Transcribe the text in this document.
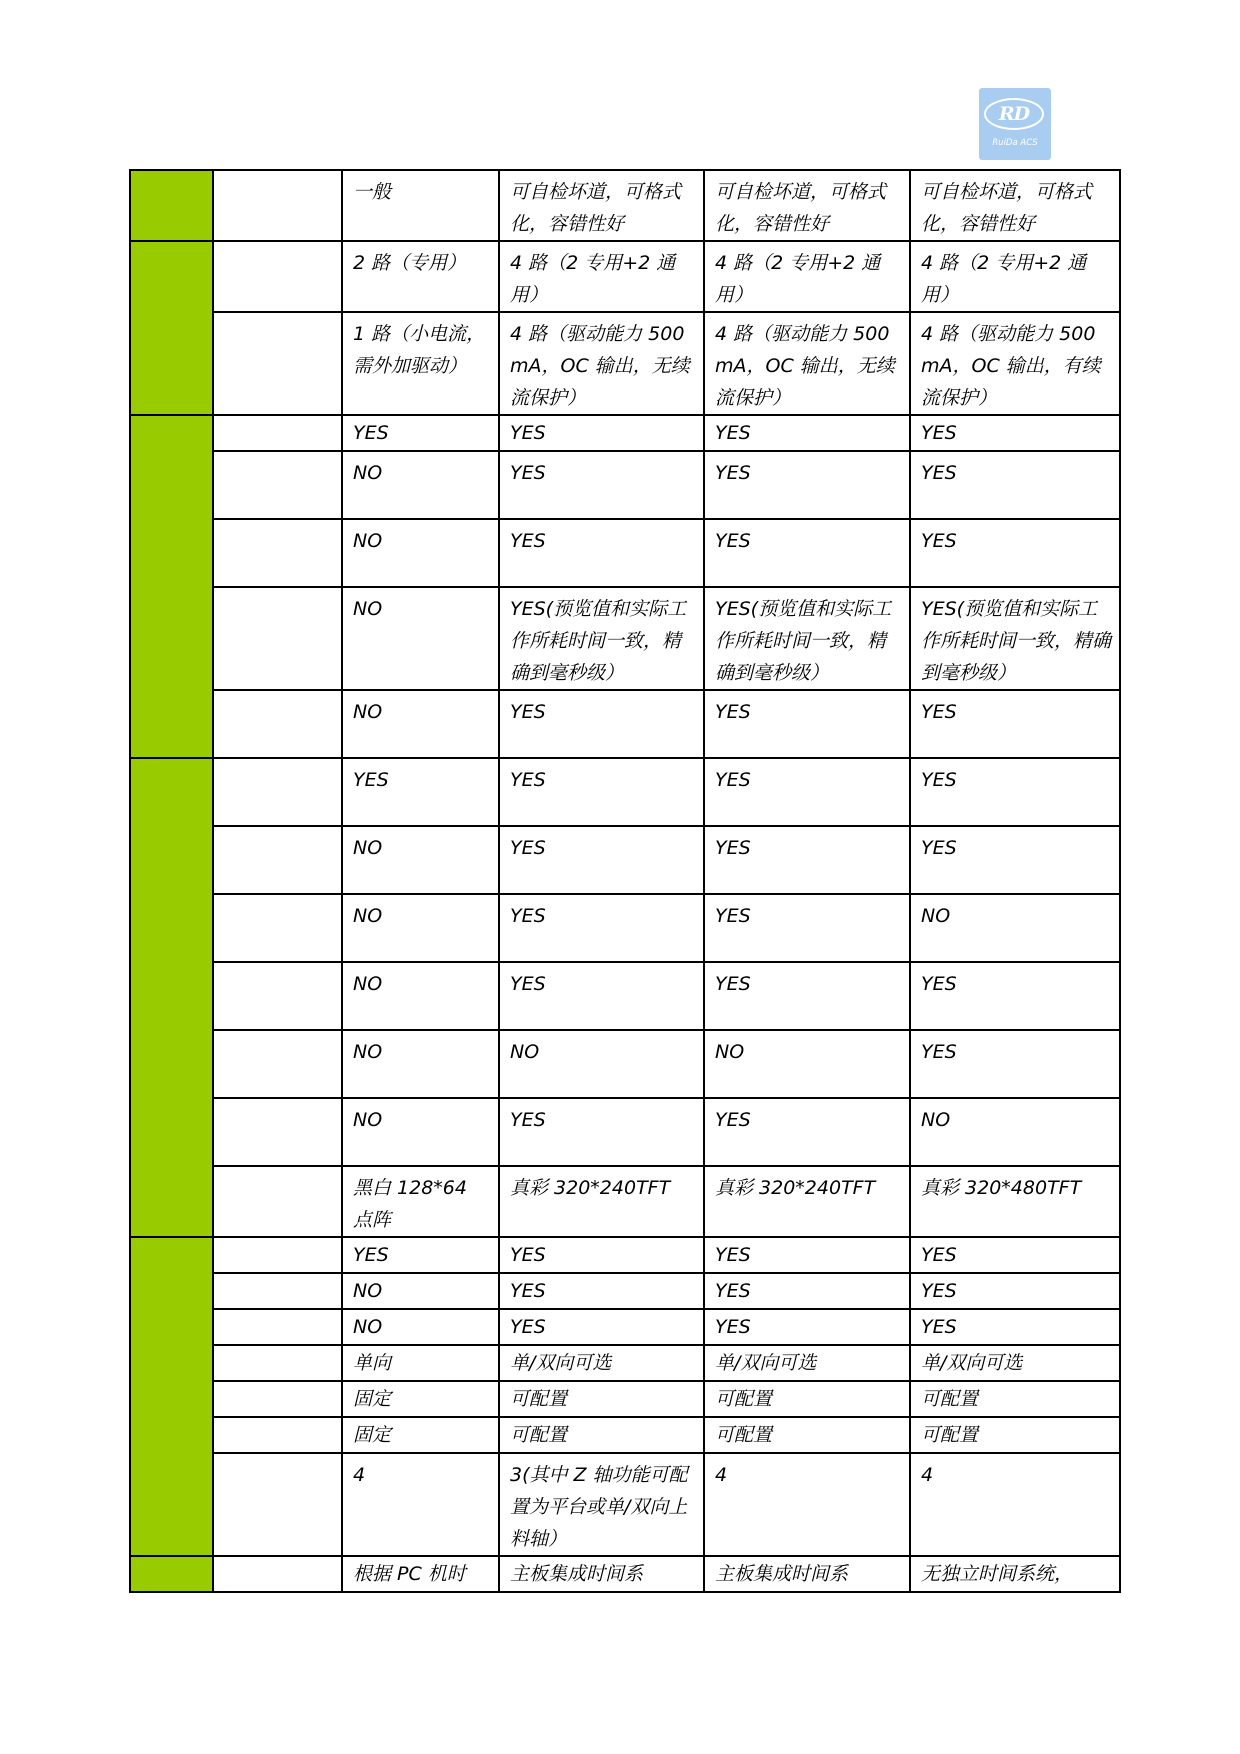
RD
RuiDa ACS
		一般	可自检坏道，可格式化，容错性好	可自检坏道，可格式化，容错性好	可自检坏道，可格式化，容错性好
		2 路（专用）	4 路（2 专用+2 通用）	4 路（2 专用+2 通用）	4 路（2 专用+2 通用）
		1 路（小电流，需外加驱动）	4 路（驱动能力 500mA，OC 输出，无续流保护）	4 路（驱动能力 500mA，OC 输出，无续流保护）	4 路（驱动能力 500mA，OC 输出，有续流保护）
		YES	YES	YES	YES
		NO	YES	YES	YES
		NO	YES	YES	YES
		NO	YES(预览值和实际工作所耗时间一致，精确到毫秒级）	YES(预览值和实际工作所耗时间一致，精确到毫秒级）	YES(预览值和实际工作所耗时间一致，精确到毫秒级）
		NO	YES	YES	YES
		YES	YES	YES	YES
		NO	YES	YES	YES
		NO	YES	YES	NO
		NO	YES	YES	YES
		NO	NO	NO	YES
		NO	YES	YES	NO
		黑白 128*64 点阵	真彩 320*240TFT	真彩 320*240TFT	真彩 320*480TFT
		YES	YES	YES	YES
		NO	YES	YES	YES
		NO	YES	YES	YES
		单向	单/双向可选	单/双向可选	单/双向可选
		固定	可配置	可配置	可配置
		固定	可配置	可配置	可配置
		4	3(其中 Z 轴功能可配置为平台或单/双向上料轴）	4	4
		根据 PC 机时	主板集成时间系	主板集成时间系	无独立时间系统，
